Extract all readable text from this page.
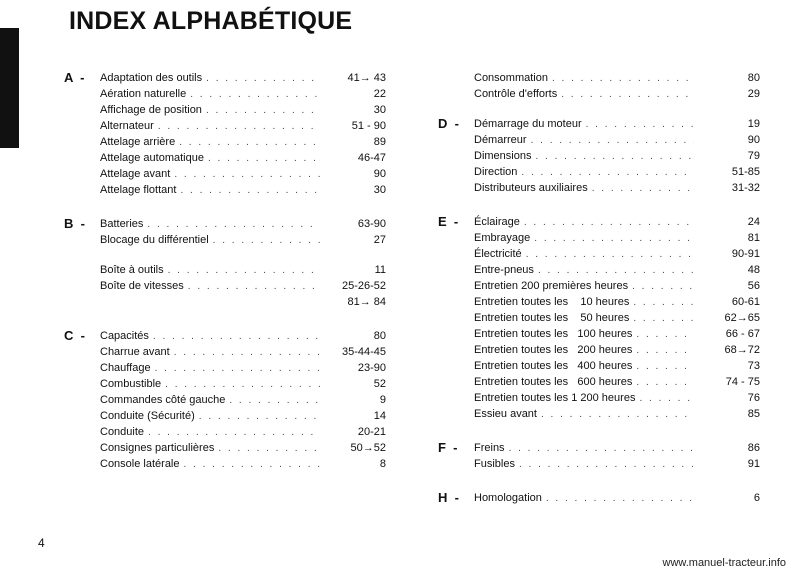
INDEX ALPHABÉTIQUE
A  -	Adaptation des outils . . .	41→ 43
Aération naturelle . . .	22
Affichage de position . . .	30
Alternateur . . .	51 - 90
Attelage arrière . . .	89
Attelage automatique . . .	46-47
Attelage avant . . .	90
Attelage flottant . . .	30
B  -	Batteries . . .	63-90
Blocage du différentiel . . .	27
Boîte à outils . . .	11
Boîte de vitesses . . .	25-26-52
81→ 84
C  -	Capacités . . .	80
Charrue avant . . .	35-44-45
Chauffage . . .	23-90
Combustible . . .	52
Commandes côté gauche . . .	9
Conduite (Sécurité) . . .	14
Conduite . . .	20-21
Consignes particulières . . .	50→52
Console latérale . . .	8
Consommation . . .	80
Contrôle d'efforts . . .	29
D  -	Démarrage du moteur . . .	19
Démarreur . . .	90
Dimensions . . .	79
Direction . . .	51-85
Distributeurs auxiliaires . . .	31-32
E  -	Éclairage . . .	24
Embrayage . . .	81
Électricité . . .	90-91
Entre-pneus . . .	48
Entretien 200 premières heures . . .	56
Entretien toutes les    10 heures . . .	60-61
Entretien toutes les    50 heures . . .	62→65
Entretien toutes les   100 heures . . .	66 - 67
Entretien toutes les   200 heures . . .	68→72
Entretien toutes les   400 heures . . .	73
Entretien toutes les   600 heures . . .	74 - 75
Entretien toutes les 1 200 heures . . .	76
Essieu avant . . .	85
F  -	Freins . . .	86
Fusibles . . .	91
H  -	Homologation . . .	6
4
www.manuel-tracteur.info
